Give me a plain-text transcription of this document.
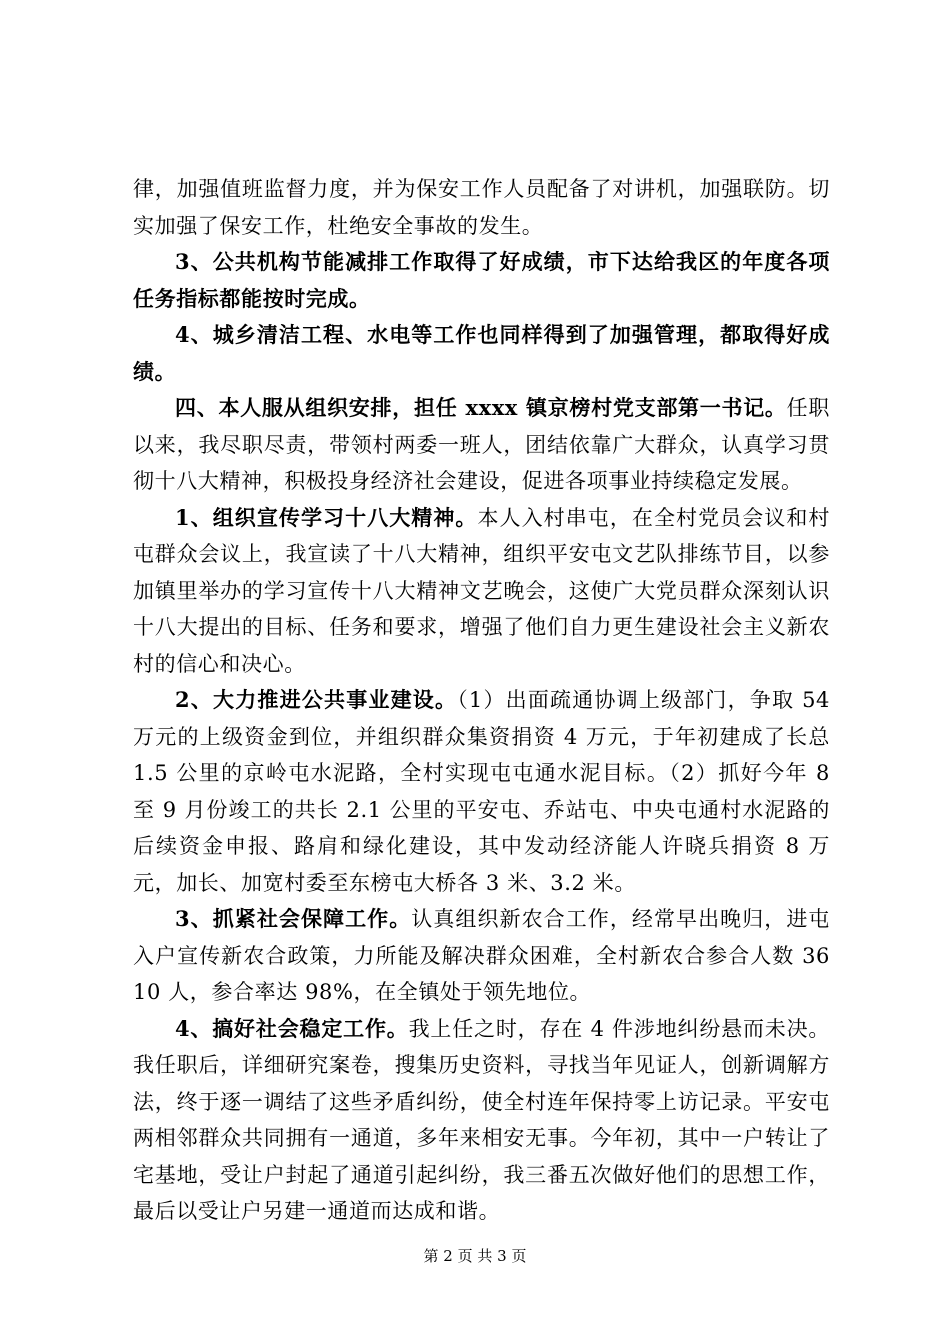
律，加强值班监督力度，并为保安工作人员配备了对讲机，加强联防。切实加强了保安工作，杜绝安全事故的发生。

3、公共机构节能减排工作取得了好成绩，市下达给我区的年度各项任务指标都能按时完成。

4、城乡清洁工程、水电等工作也同样得到了加强管理，都取得好成绩。

四、本人服从组织安排，担任 xxxx 镇京榜村党支部第一书记。任职以来，我尽职尽责，带领村两委一班人，团结依靠广大群众，认真学习贯彻十八大精神，积极投身经济社会建设，促进各项事业持续稳定发展。

1、组织宣传学习十八大精神。本人入村串屯，在全村党员会议和村屯群众会议上，我宣读了十八大精神，组织平安屯文艺队排练节目，以参加镇里举办的学习宣传十八大精神文艺晚会，这使广大党员群众深刻认识十八大提出的目标、任务和要求，增强了他们自力更生建设社会主义新农村的信心和决心。

2、大力推进公共事业建设。（1）出面疏通协调上级部门，争取 54 万元的上级资金到位，并组织群众集资捐资 4 万元，于年初建成了长总 1.5 公里的京岭屯水泥路，全村实现屯屯通水泥目标。（2）抓好今年 8 至 9 月份竣工的共长 2.1 公里的平安屯、乔站屯、中央屯通村水泥路的后续资金申报、路肩和绿化建设，其中发动经济能人许晓兵捐资 8 万元，加长、加宽村委至东榜屯大桥各 3 米、3.2 米。

3、抓紧社会保障工作。认真组织新农合工作，经常早出晚归，进屯入户宣传新农合政策，力所能及解决群众困难，全村新农合参合人数 3610 人，参合率达 98%，在全镇处于领先地位。

4、搞好社会稳定工作。我上任之时，存在 4 件涉地纠纷悬而未决。我任职后，详细研究案卷，搜集历史资料，寻找当年见证人，创新调解方法，终于逐一调结了这些矛盾纠纷，使全村连年保持零上访记录。平安屯两相邻群众共同拥有一通道，多年来相安无事。今年初，其中一户转让了宅基地，受让户封起了通道引起纠纷，我三番五次做好他们的思想工作，最后以受让户另建一通道而达成和谐。

第 2 页 共 3 页
